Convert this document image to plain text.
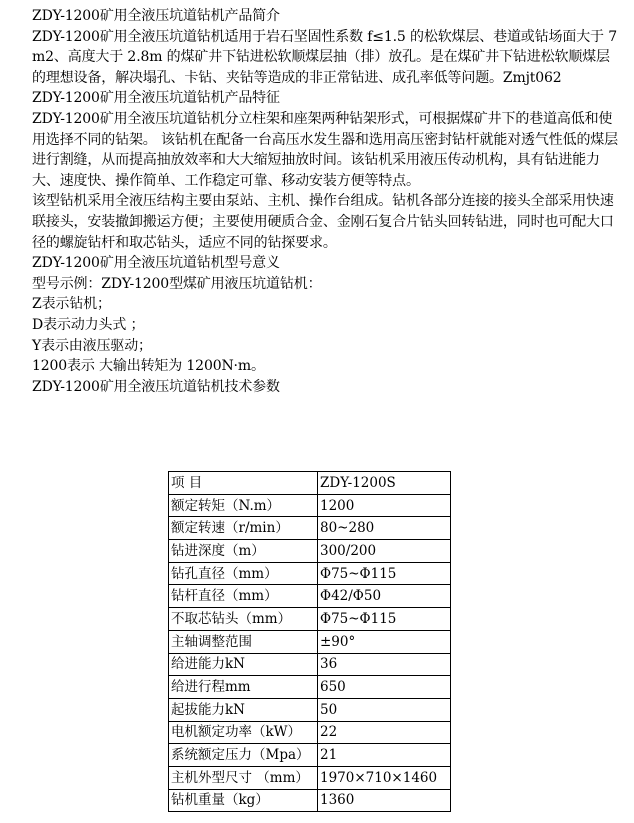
ZDY-1200矿用全液压坑道钻机产品简介

ZDY-1200矿用全液压坑道钻机适用于岩石坚固性系数 f≤1.5 的松软煤层、巷道或钻场面大于 7m2、高度大于 2.8m 的煤矿井下钻进松软顺煤层抽（排）放孔。是在煤矿井下钻进松软顺煤层的理想设备，解决塌孔、卡钻、夹钻等造成的非正常钻进、成孔率低等问题。Zmjt062

ZDY-1200矿用全液压坑道钻机产品特征

ZDY-1200矿用全液压坑道钻机分立柱架和座架两种钻架形式，可根据煤矿井下的巷道高低和使用选择不同的钻架。 该钻机在配备一台高压水发生器和选用高压密封钻杆就能对透气性低的煤层进行割缝，从而提高抽放效率和大大缩短抽放时间。该钻机采用液压传动机构，具有钻进能力大、速度快、操作简单、工作稳定可靠、移动安装方便等特点。

该型钻机采用全液压结构主要由泵站、主机、操作台组成。钻机各部分连接的接头全部采用快速联接头，安装撤卸搬运方便；主要使用硬质合金、金刚石复合片钻头回转钻进，同时也可配大口径的螺旋钻杆和取芯钻头，适应不同的钻探要求。

ZDY-1200矿用全液压坑道钻机型号意义

型号示例：ZDY-1200型煤矿用液压坑道钻机：

Z表示钻机；

D表示动力头式 ；

Y表示由液压驱动；

1200表示 大输出转矩为 1200N·m。

ZDY-1200矿用全液压坑道钻机技术参数

项 目	ZDY-1200S
额定转矩（N.m）	1200
额定转速（r/min）	80~280
钻进深度（m）	300/200
钻孔直径（mm）	Φ75~Φ115
钻杆直径（mm）	Φ42/Φ50
不取芯钻头（mm）	Φ75~Φ115
主轴调整范围	±90°
给进能力kN	36
给进行程mm	650
起拔能力kN	50
电机额定功率（kW）	22
系统额定压力（Mpa）	21
主机外型尺寸 （mm）	1970×710×1460
钻机重量（kg）	1360
